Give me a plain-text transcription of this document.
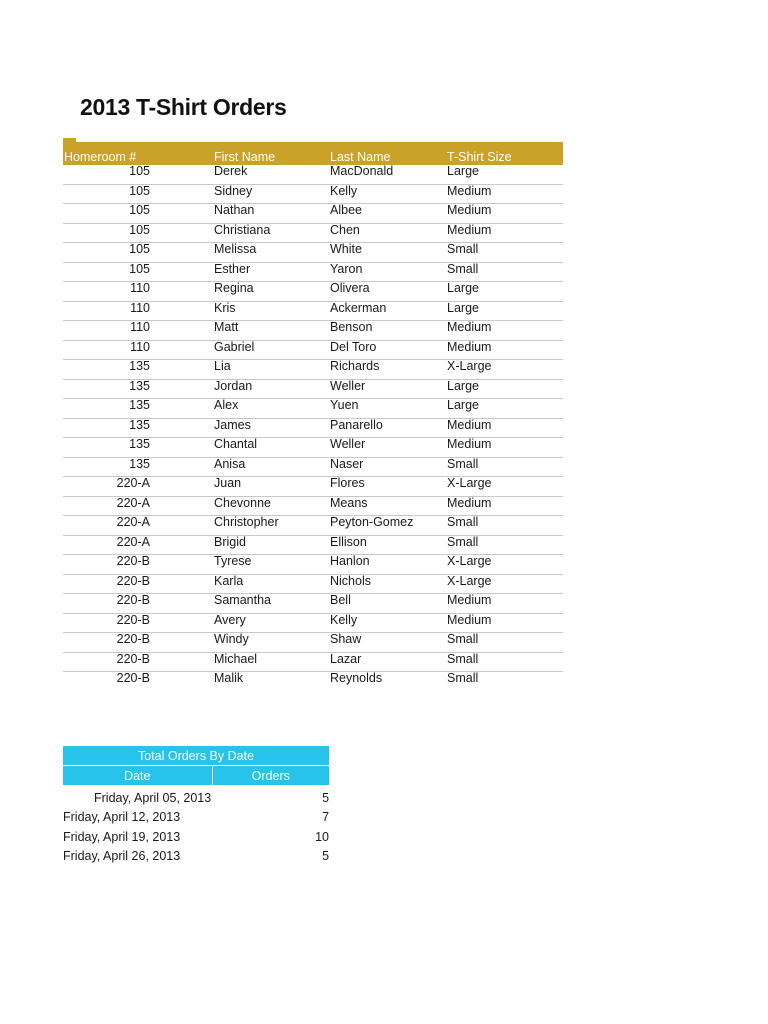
2013 T-Shirt Orders
Homeroom #	First Name	Last Name	T-Shirt Size
105	Derek	MacDonald	Large
105	Sidney	Kelly	Medium
105	Nathan	Albee	Medium
105	Christiana	Chen	Medium
105	Melissa	White	Small
105	Esther	Yaron	Small
110	Regina	Olivera	Large
110	Kris	Ackerman	Large
110	Matt	Benson	Medium
110	Gabriel	Del Toro	Medium
135	Lia	Richards	X-Large
135	Jordan	Weller	Large
135	Alex	Yuen	Large
135	James	Panarello	Medium
135	Chantal	Weller	Medium
135	Anisa	Naser	Small
220-A	Juan	Flores	X-Large
220-A	Chevonne	Means	Medium
220-A	Christopher	Peyton-Gomez	Small
220-A	Brigid	Ellison	Small
220-B	Tyrese	Hanlon	X-Large
220-B	Karla	Nichols	X-Large
220-B	Samantha	Bell	Medium
220-B	Avery	Kelly	Medium
220-B	Windy	Shaw	Small
220-B	Michael	Lazar	Small
220-B	Malik	Reynolds	Small
Total Orders By Date	
Date	Orders
Friday, April 05, 2013	5
Friday, April 12, 2013	7
Friday, April 19, 2013	10
Friday, April 26, 2013	5
